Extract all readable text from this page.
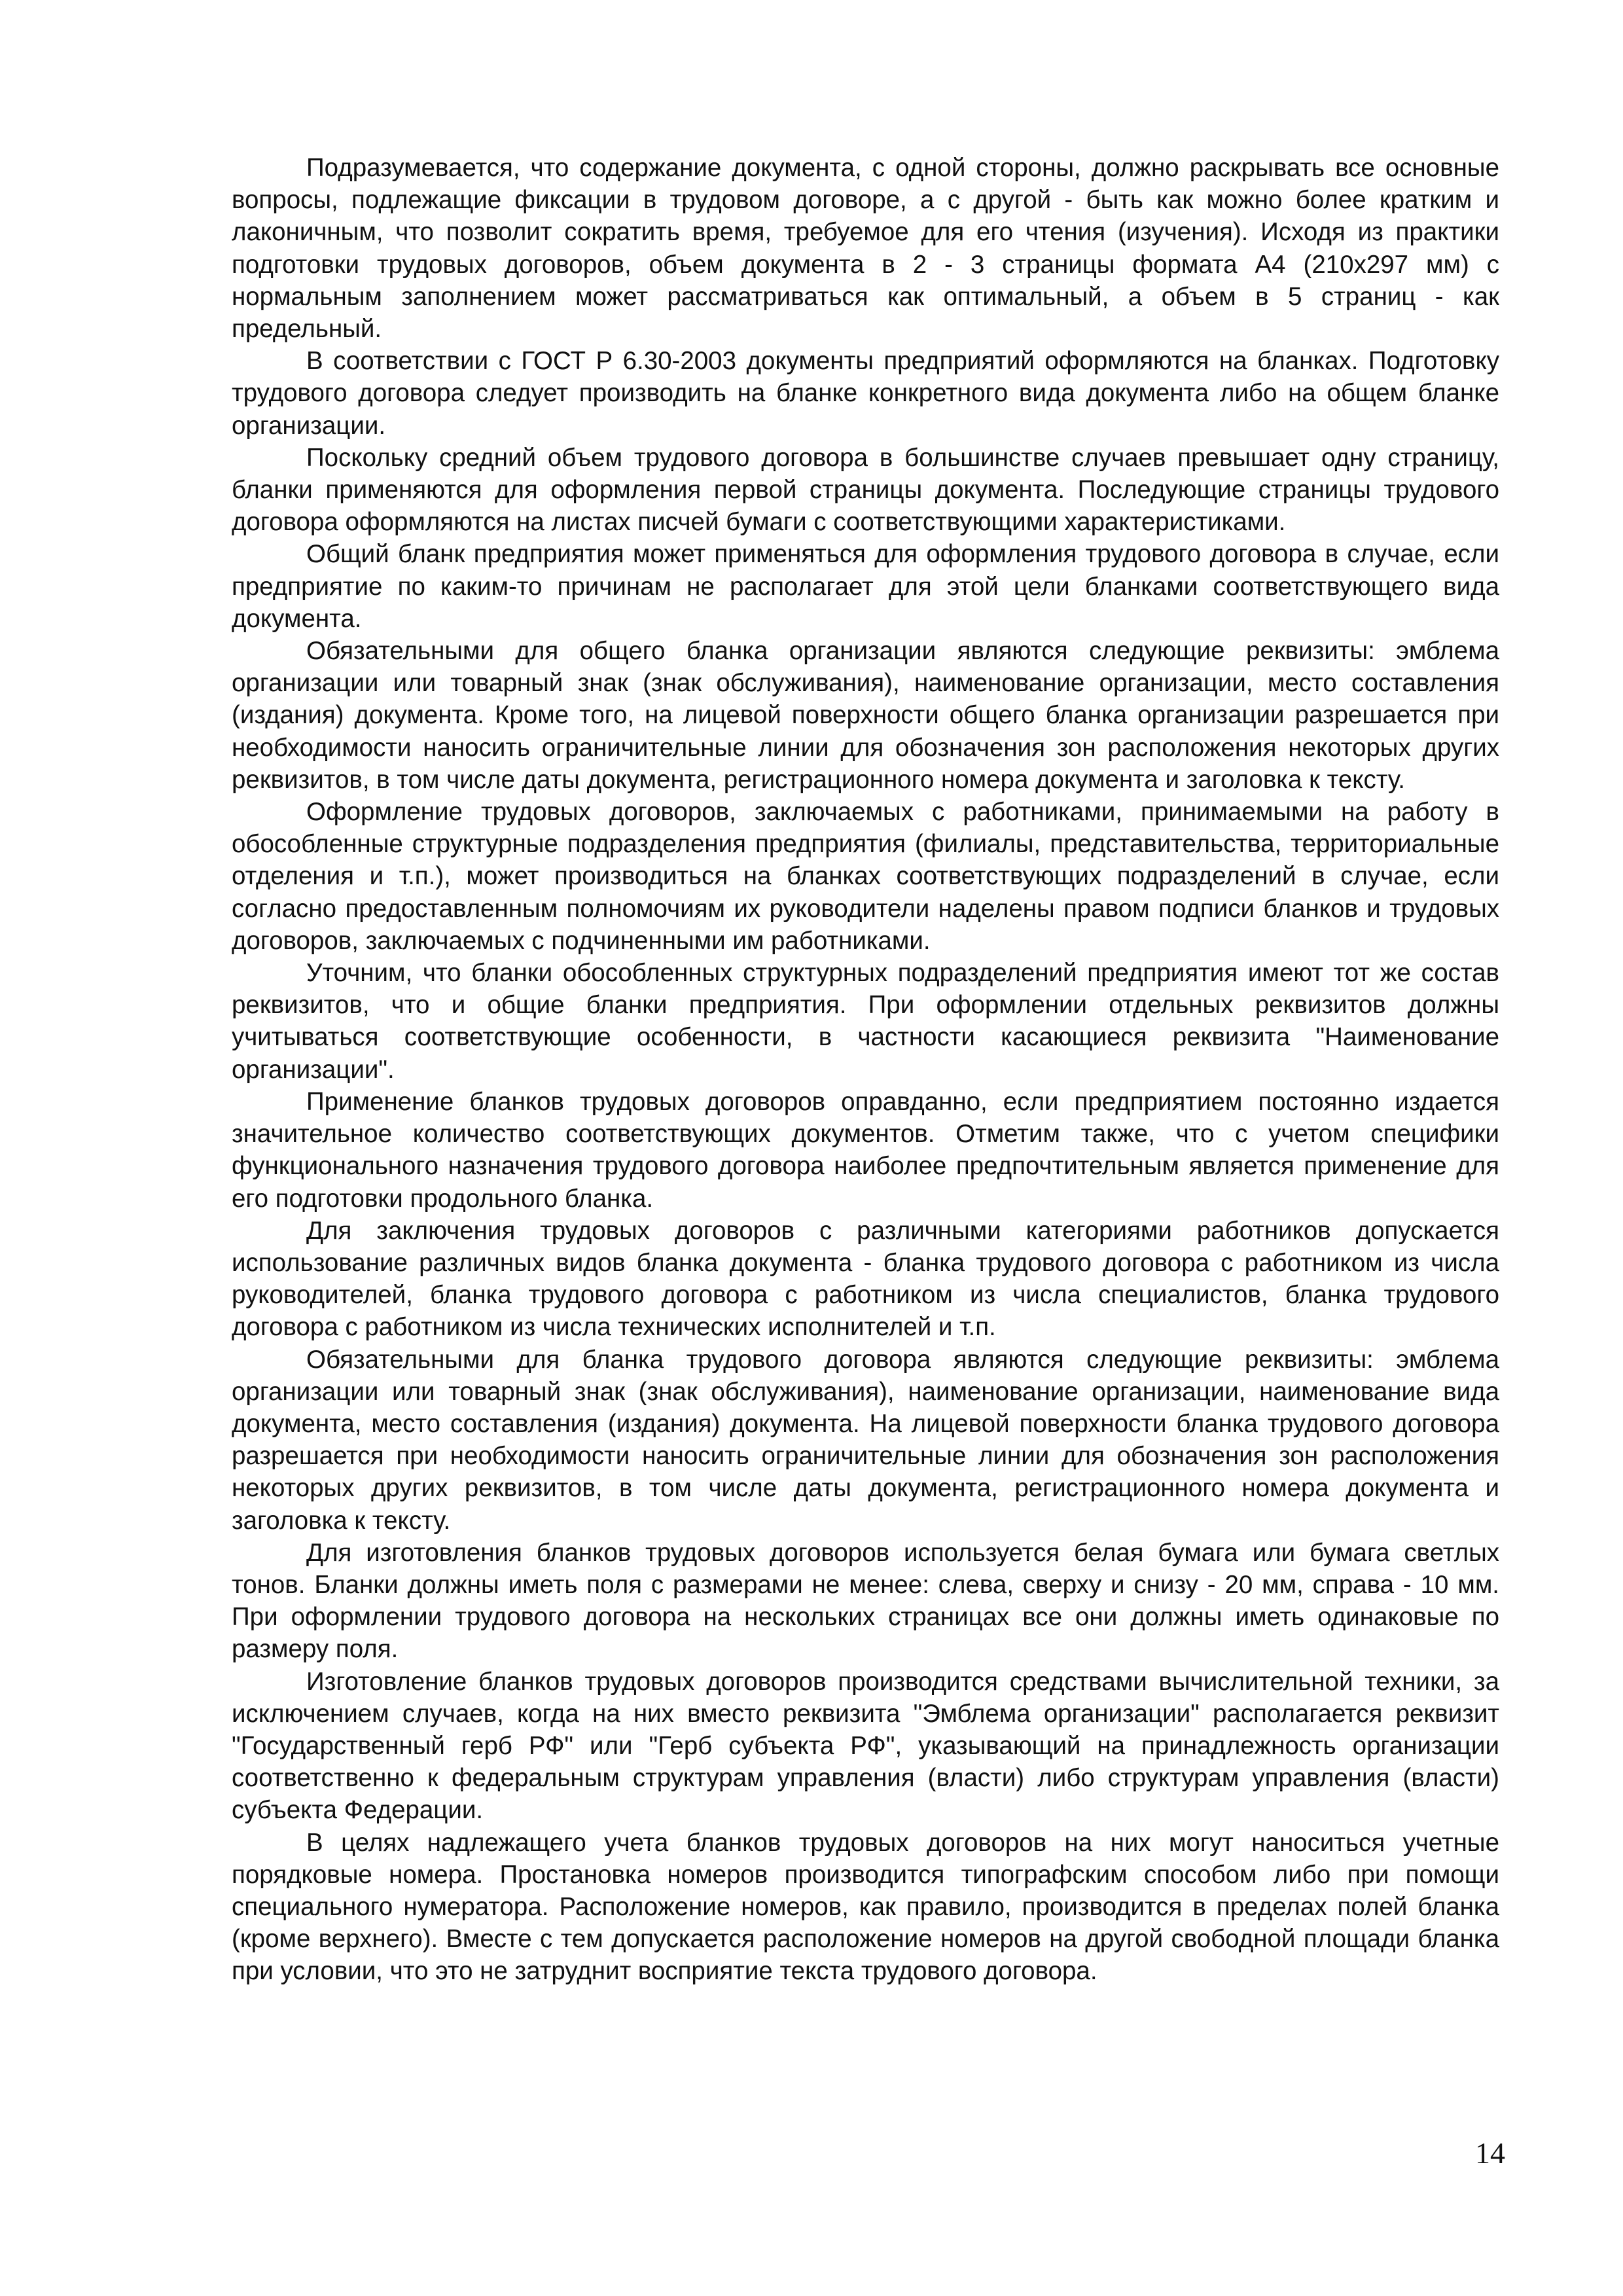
Подразумевается, что содержание документа, с одной стороны, должно раскрывать все основные вопросы, подлежащие фиксации в трудовом договоре, а с другой - быть как можно более кратким и лаконичным, что позволит сократить время, требуемое для его чтения (изучения). Исходя из практики подготовки трудовых договоров, объем документа в 2 - 3 страницы формата А4 (210х297 мм) с нормальным заполнением может рассматриваться как оптимальный, а объем в 5 страниц - как предельный.

В соответствии с ГОСТ Р 6.30-2003 документы предприятий оформляются на бланках. Подготовку трудового договора следует производить на бланке конкретного вида документа либо на общем бланке организации.

Поскольку средний объем трудового договора в большинстве случаев превышает одну страницу, бланки применяются для оформления первой страницы документа. Последующие страницы трудового договора оформляются на листах писчей бумаги с соответствующими характеристиками.

Общий бланк предприятия может применяться для оформления трудового договора в случае, если предприятие по каким-то причинам не располагает для этой цели бланками соответствующего вида документа.

Обязательными для общего бланка организации являются следующие реквизиты: эмблема организации или товарный знак (знак обслуживания), наименование организации, место составления (издания) документа. Кроме того, на лицевой поверхности общего бланка организации разрешается при необходимости наносить ограничительные линии для обозначения зон расположения некоторых других реквизитов, в том числе даты документа, регистрационного номера документа и заголовка к тексту.

Оформление трудовых договоров, заключаемых с работниками, принимаемыми на работу в обособленные структурные подразделения предприятия (филиалы, представительства, территориальные отделения и т.п.), может производиться на бланках соответствующих подразделений в случае, если согласно предоставленным полномочиям их руководители наделены правом подписи бланков и трудовых договоров, заключаемых с подчиненными им работниками.

Уточним, что бланки обособленных структурных подразделений предприятия имеют тот же состав реквизитов, что и общие бланки предприятия. При оформлении отдельных реквизитов должны учитываться соответствующие особенности, в частности касающиеся реквизита "Наименование организации".

Применение бланков трудовых договоров оправданно, если предприятием постоянно издается значительное количество соответствующих документов. Отметим также, что с учетом специфики функционального назначения трудового договора наиболее предпочтительным является применение для его подготовки продольного бланка.

Для заключения трудовых договоров с различными категориями работников допускается использование различных видов бланка документа - бланка трудового договора с работником из числа руководителей, бланка трудового договора с работником из числа специалистов, бланка трудового договора с работником из числа технических исполнителей и т.п.

Обязательными для бланка трудового договора являются следующие реквизиты: эмблема организации или товарный знак (знак обслуживания), наименование организации, наименование вида документа, место составления (издания) документа. На лицевой поверхности бланка трудового договора разрешается при необходимости наносить ограничительные линии для обозначения зон расположения некоторых других реквизитов, в том числе даты документа, регистрационного номера документа и заголовка к тексту.

Для изготовления бланков трудовых договоров используется белая бумага или бумага светлых тонов. Бланки должны иметь поля с размерами не менее: слева, сверху и снизу - 20 мм, справа - 10 мм. При оформлении трудового договора на нескольких страницах все они должны иметь одинаковые по размеру поля.

Изготовление бланков трудовых договоров производится средствами вычислительной техники, за исключением случаев, когда на них вместо реквизита "Эмблема организации" располагается реквизит "Государственный герб РФ" или "Герб субъекта РФ", указывающий на принадлежность организации соответственно к федеральным структурам управления (власти) либо структурам управления (власти) субъекта Федерации.

В целях надлежащего учета бланков трудовых договоров на них могут наноситься учетные порядковые номера. Простановка номеров производится типографским способом либо при помощи специального нумератора. Расположение номеров, как правило, производится в пределах полей бланка (кроме верхнего). Вместе с тем допускается расположение номеров на другой свободной площади бланка при условии, что это не затруднит восприятие текста трудового договора.

14
